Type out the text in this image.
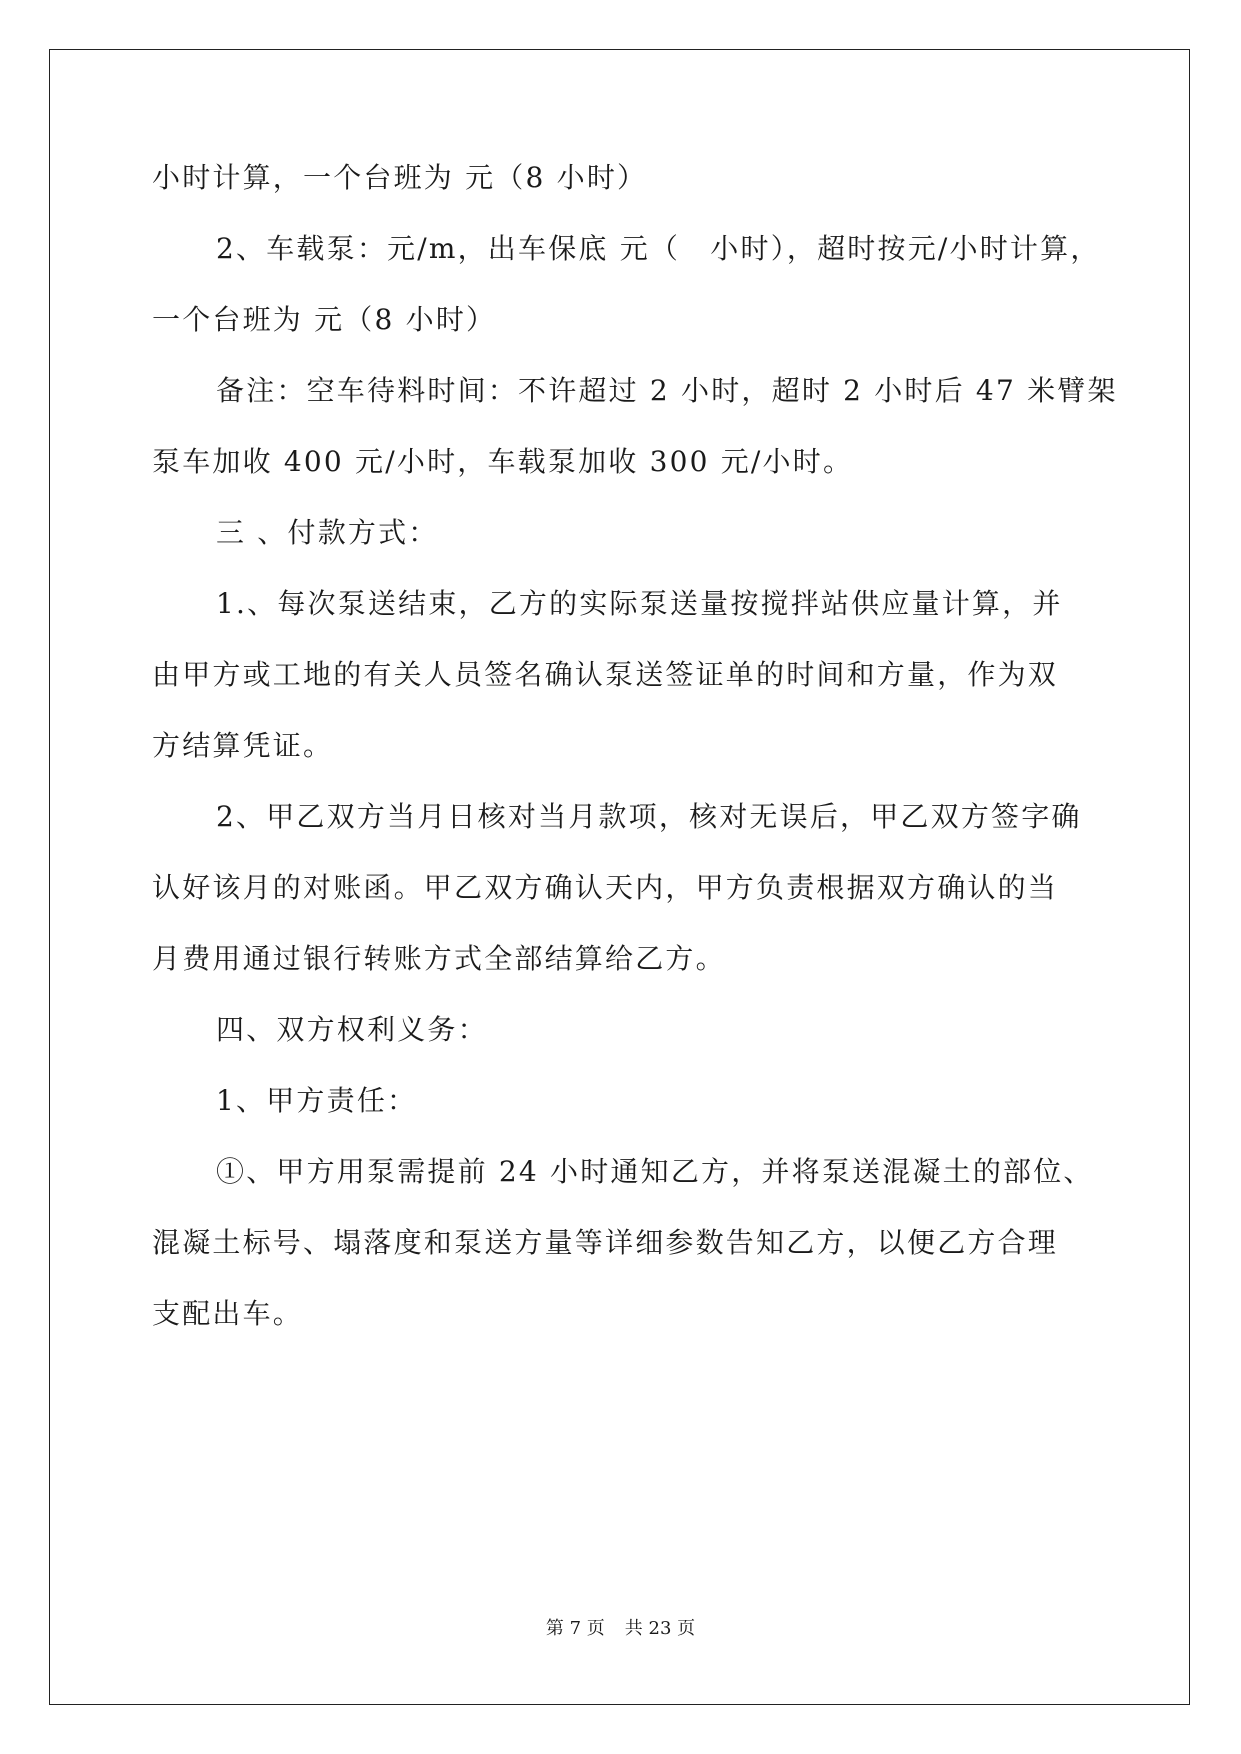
小时计算，一个台班为 元（8 小时）
2、车载泵：元/m，出车保底 元（　小时），超时按元/小时计算，
一个台班为 元（8 小时）
备注：空车待料时间：不许超过 2 小时，超时 2 小时后 47 米臂架
泵车加收 400 元/小时，车载泵加收 300 元/小时。
三 、付款方式：
1.、每次泵送结束，乙方的实际泵送量按搅拌站供应量计算，并
由甲方或工地的有关人员签名确认泵送签证单的时间和方量，作为双
方结算凭证。
2、甲乙双方当月日核对当月款项，核对无误后，甲乙双方签字确
认好该月的对账函。甲乙双方确认天内，甲方负责根据双方确认的当
月费用通过银行转账方式全部结算给乙方。
四、双方权利义务：
1、甲方责任：
①、甲方用泵需提前 24 小时通知乙方，并将泵送混凝土的部位、
混凝土标号、塌落度和泵送方量等详细参数告知乙方，以便乙方合理
支配出车。
第 7 页 共 23 页
